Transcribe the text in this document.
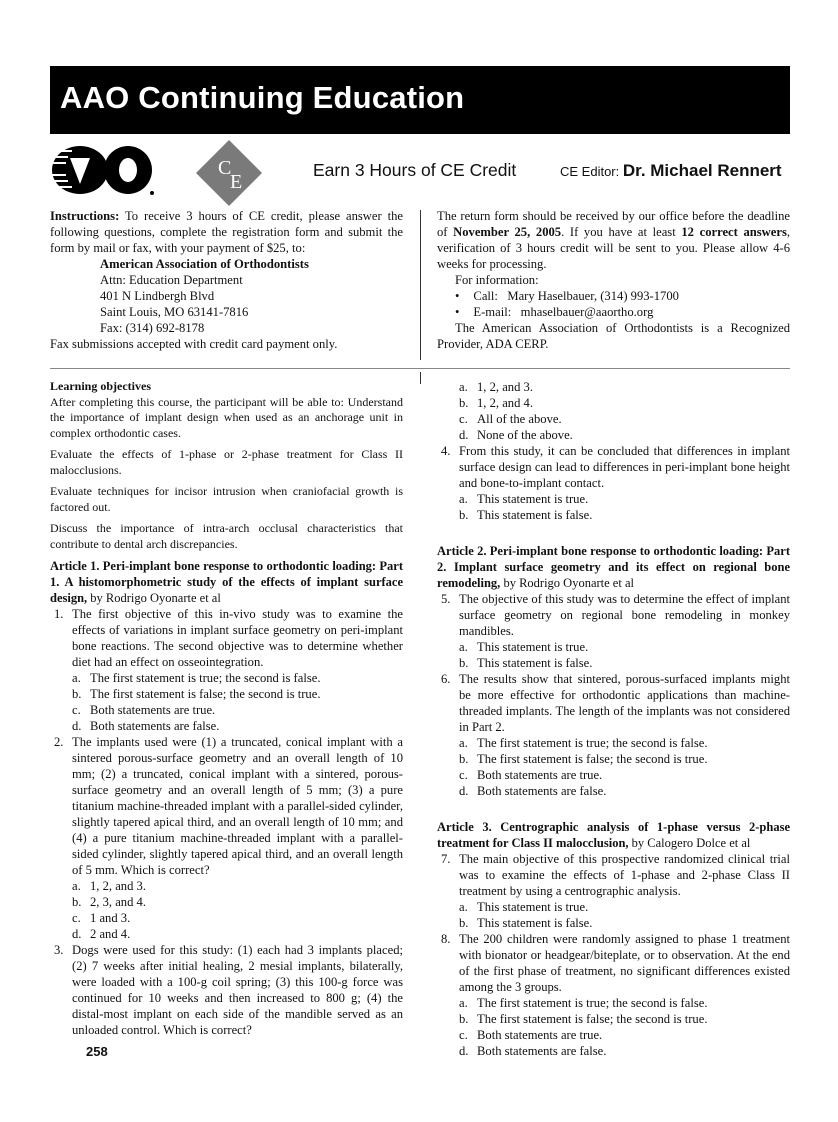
AAO Continuing Education
C
E
Earn 3 Hours of CE Credit	CE Editor: Dr. Michael Rennert
Instructions: To receive 3 hours of CE credit, please answer the following questions, complete the registration form and submit the form by mail or fax, with your payment of $25, to:
American Association of Orthodontists
Attn: Education Department
401 N Lindbergh Blvd
Saint Louis, MO 63141-7816
Fax: (314) 692-8178
Fax submissions accepted with credit card payment only.
The return form should be received by our office before the deadline of November 25, 2005. If you have at least 12 correct answers, verification of 3 hours credit will be sent to you. Please allow 4-6 weeks for processing.
For information:
• Call: Mary Haselbauer, (314) 993-1700
• E-mail: mhaselbauer@aaortho.org
The American Association of Orthodontists is a Recognized Provider, ADA CERP.
Learning objectives
After completing this course, the participant will be able to: Understand the importance of implant design when used as an anchorage unit in complex orthodontic cases.
Evaluate the effects of 1-phase or 2-phase treatment for Class II malocclusions.
Evaluate techniques for incisor intrusion when craniofacial growth is factored out.
Discuss the importance of intra-arch occlusal characteristics that contribute to dental arch discrepancies.
Article 1. Peri-implant bone response to orthodontic loading: Part 1. A histomorphometric study of the effects of implant surface design, by Rodrigo Oyonarte et al
1. The first objective of this in-vivo study was to examine the effects of variations in implant surface geometry on peri-implant bone reactions. The second objective was to determine whether diet had an effect on osseointegration.
a. The first statement is true; the second is false.
b. The first statement is false; the second is true.
c. Both statements are true.
d. Both statements are false.
2. The implants used were (1) a truncated, conical implant with a sintered porous-surface geometry and an overall length of 10 mm; (2) a truncated, conical implant with a sintered, porous-surface geometry and an overall length of 5 mm; (3) a pure titanium machine-threaded implant with a parallel-sided cylinder, slightly tapered apical third, and an overall length of 10 mm; and (4) a pure titanium machine-threaded implant with a parallel-sided cylinder, slightly tapered apical third, and an overall length of 5 mm. Which is correct?
a. 1, 2, and 3.
b. 2, 3, and 4.
c. 1 and 3.
d. 2 and 4.
3. Dogs were used for this study: (1) each had 3 implants placed; (2) 7 weeks after initial healing, 2 mesial implants, bilaterally, were loaded with a 100-g coil spring; (3) this 100-g force was continued for 10 weeks and then increased to 800 g; (4) the distal-most implant on each side of the mandible served as an unloaded control. Which is correct?
a. 1, 2, and 3.
b. 1, 2, and 4.
c. All of the above.
d. None of the above.
4. From this study, it can be concluded that differences in implant surface design can lead to differences in peri-implant bone height and bone-to-implant contact.
a. This statement is true.
b. This statement is false.
Article 2. Peri-implant bone response to orthodontic loading: Part 2. Implant surface geometry and its effect on regional bone remodeling, by Rodrigo Oyonarte et al
5. The objective of this study was to determine the effect of implant surface geometry on regional bone remodeling in monkey mandibles.
a. This statement is true.
b. This statement is false.
6. The results show that sintered, porous-surfaced implants might be more effective for orthodontic applications than machine-threaded implants. The length of the implants was not considered in Part 2.
a. The first statement is true; the second is false.
b. The first statement is false; the second is true.
c. Both statements are true.
d. Both statements are false.
Article 3. Centrographic analysis of 1-phase versus 2-phase treatment for Class II malocclusion, by Calogero Dolce et al
7. The main objective of this prospective randomized clinical trial was to examine the effects of 1-phase and 2-phase Class II treatment by using a centrographic analysis.
a. This statement is true.
b. This statement is false.
8. The 200 children were randomly assigned to phase 1 treatment with bionator or headgear/biteplate, or to observation. At the end of the first phase of treatment, no significant differences existed among the 3 groups.
a. The first statement is true; the second is false.
b. The first statement is false; the second is true.
c. Both statements are true.
d. Both statements are false.
258
